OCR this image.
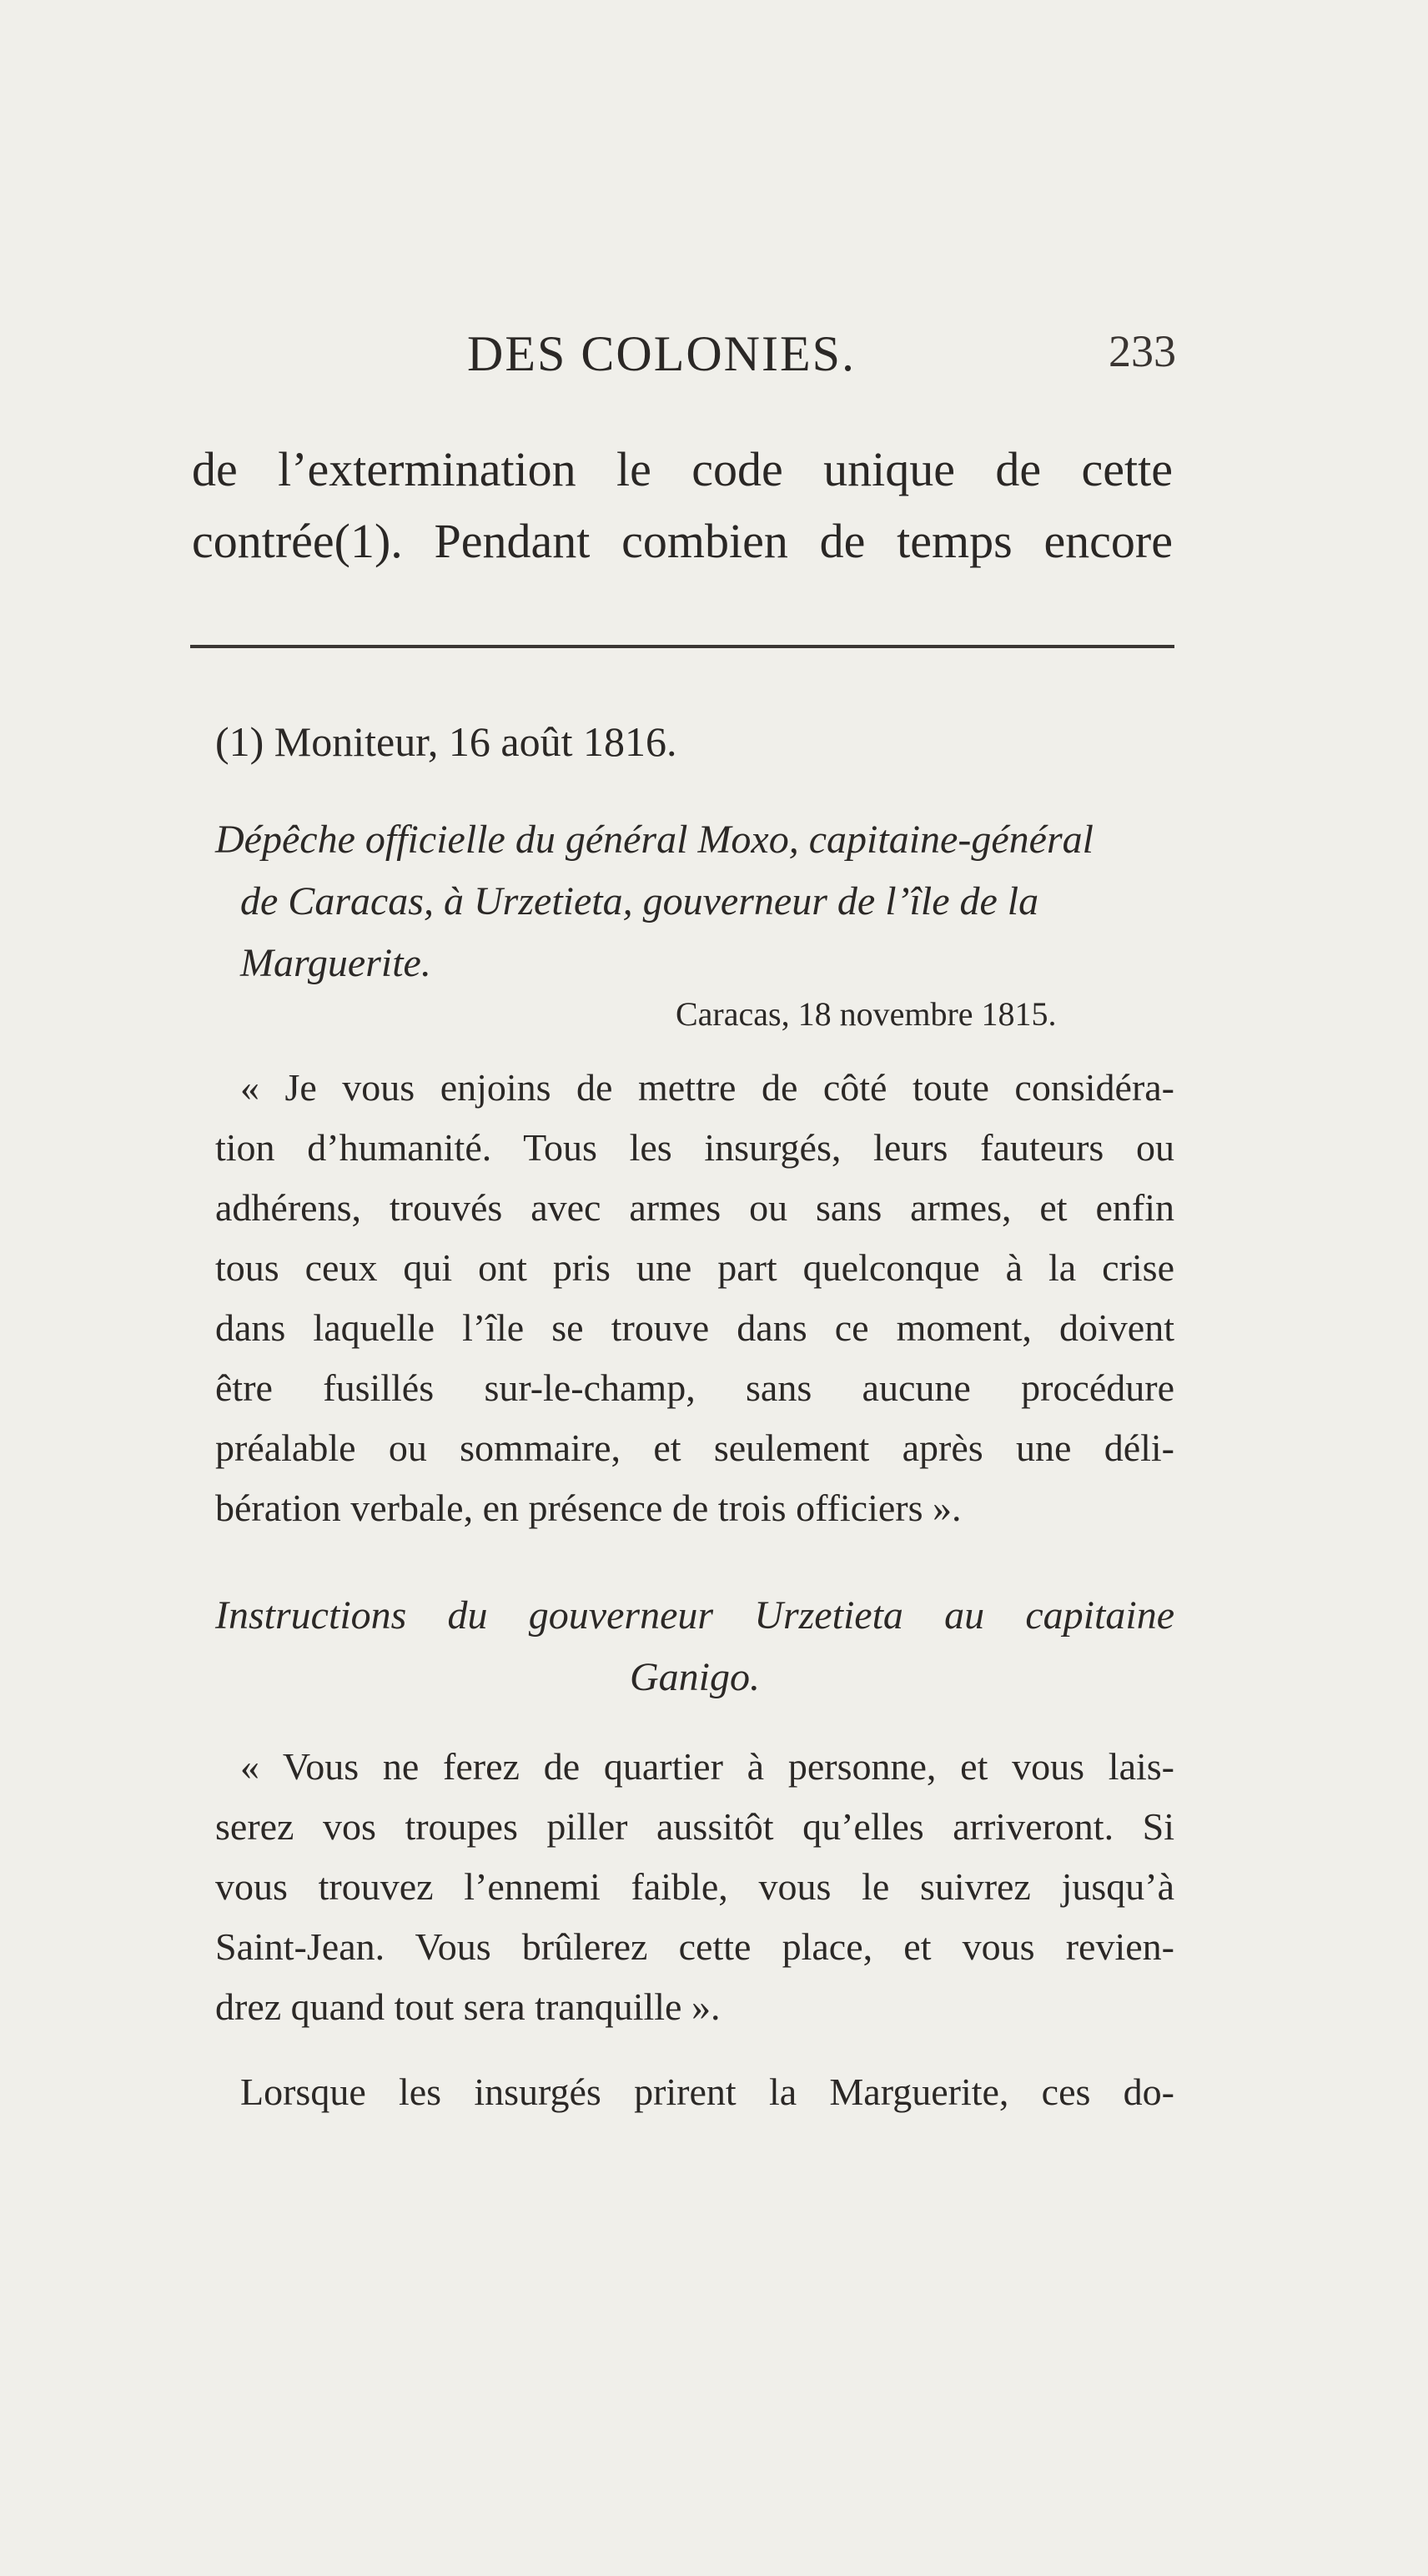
DES COLONIES.	233

de l’extermination le code unique de cette
contrée(1). Pendant combien de temps encore

(1) Moniteur, 16 août 1816.

Dépêche officielle du général Moxo, capitaine-général
de Caracas, à Urzetieta, gouverneur de l’île de la
Marguerite.

Caracas, 18 novembre 1815.

« Je vous enjoins de mettre de côté toute considéra-
tion d’humanité. Tous les insurgés, leurs fauteurs ou
adhérens, trouvés avec armes ou sans armes, et enfin
tous ceux qui ont pris une part quelconque à la crise
dans laquelle l’île se trouve dans ce moment, doivent
être fusillés sur-le-champ, sans aucune procédure
préalable ou sommaire, et seulement après une déli-
bération verbale, en présence de trois officiers ».

Instructions du gouverneur Urzetieta au capitaine
Ganigo.

« Vous ne ferez de quartier à personne, et vous lais-
serez vos troupes piller aussitôt qu’elles arriveront. Si
vous trouvez l’ennemi faible, vous le suivrez jusqu’à
Saint-Jean. Vous brûlerez cette place, et vous revien-
drez quand tout sera tranquille ».

Lorsque les insurgés prirent la Marguerite, ces do-
